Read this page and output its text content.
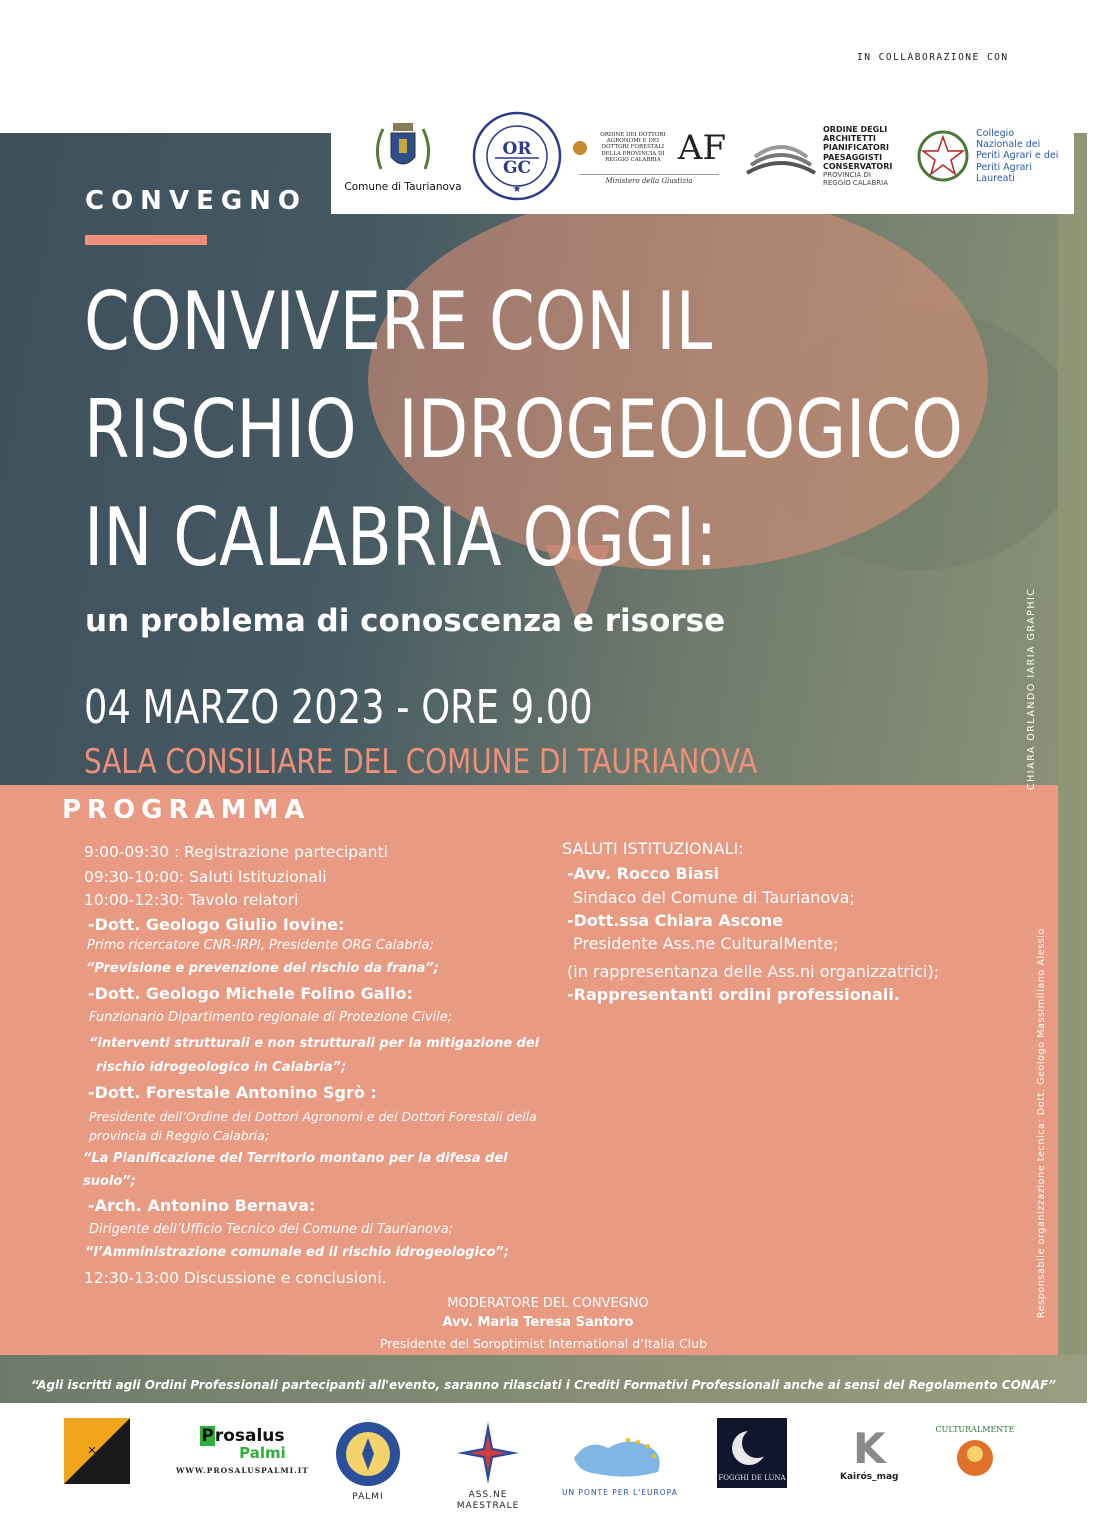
IN COLLABORAZIONE CON
Comune di Taurianova
OR
GC
★
ORDINE DEI DOTTORI AGRONOMI E DEI DOTTORI FORESTALI DELLA PROVINCIA DI REGGIO CALABRIA AF
Ministero della Giustizia
ORDINE DEGLI ARCHITETTI PIANIFICATORI PAESAGGISTI CONSERVATORI
PROVINCIA DI REGGIO CALABRIA
Collegio Nazionale dei Periti Agrari e dei Periti Agrari Laureati
CONVEGNO
CONVIVERE CON IL
RISCHIO  IDROGEOLOGICO
IN CALABRIA OGGI:
un problema di conoscenza e risorse
04 MARZO 2023 - ORE 9.00
SALA CONSILIARE DEL COMUNE DI TAURIANOVA	CHIARA ORLANDO IARIA GRAPHIC
Responsabile organizzazione tecnica: Dott. Geologo Massimiliano Alessio
PROGRAMMA
9:00-09:30 : Registrazione partecipanti
09:30-10:00: Saluti Istituzionali
10:00-12:30: Tavolo relatori
-Dott. Geologo Giulio Iovine:
Primo ricercatore CNR-IRPI, Presidente ORG Calabria;
“Previsione e prevenzione del rischio da frana”;
-Dott. Geologo Michele Folino Gallo:
Funzionario Dipartimento regionale di Protezione Civile;
“interventi strutturali e non strutturali per la mitigazione del
rischio idrogeologico in Calabria”;
-Dott. Forestale Antonino Sgrò :
Presidente dell’Ordine dei Dottori Agronomi e dei Dottori Forestali della
provincia di Reggio Calabria;
“La Pianificazione del Territorio montano per la difesa del
suolo”;
-Arch. Antonino Bernava:
Dirigente dell’Ufficio Tecnico del Comune di Taurianova;
“l’Amministrazione comunale ed il rischio idrogeologico”;
12:30-13:00 Discussione e conclusioni.
SALUTI ISTITUZIONALI:
-Avv. Rocco Biasi
Sindaco del Comune di Taurianova;
-Dott.ssa Chiara Ascone
Presidente Ass.ne CulturalMente;
(in rappresentanza delle Ass.ni organizzatrici);
-Rappresentanti ordini professionali.
MODERATORE DEL CONVEGNO
Avv. Maria Teresa Santoro
Presidente del Soroptimist International d’Italia Club
“Agli iscritti agli Ordini Professionali partecipanti all'evento, saranno rilasciati i Crediti Formativi Professionali anche ai sensi del Regolamento CONAF”
✕
Prosalus
Palmi
WWW.PROSALUSPALMI.IT
PALMI	ASS.NE MAESTRALE
UN PONTE PER L'EUROPA
FOGGHI DE LUNA
K
Kairós_mag
CULTURALMENTE
